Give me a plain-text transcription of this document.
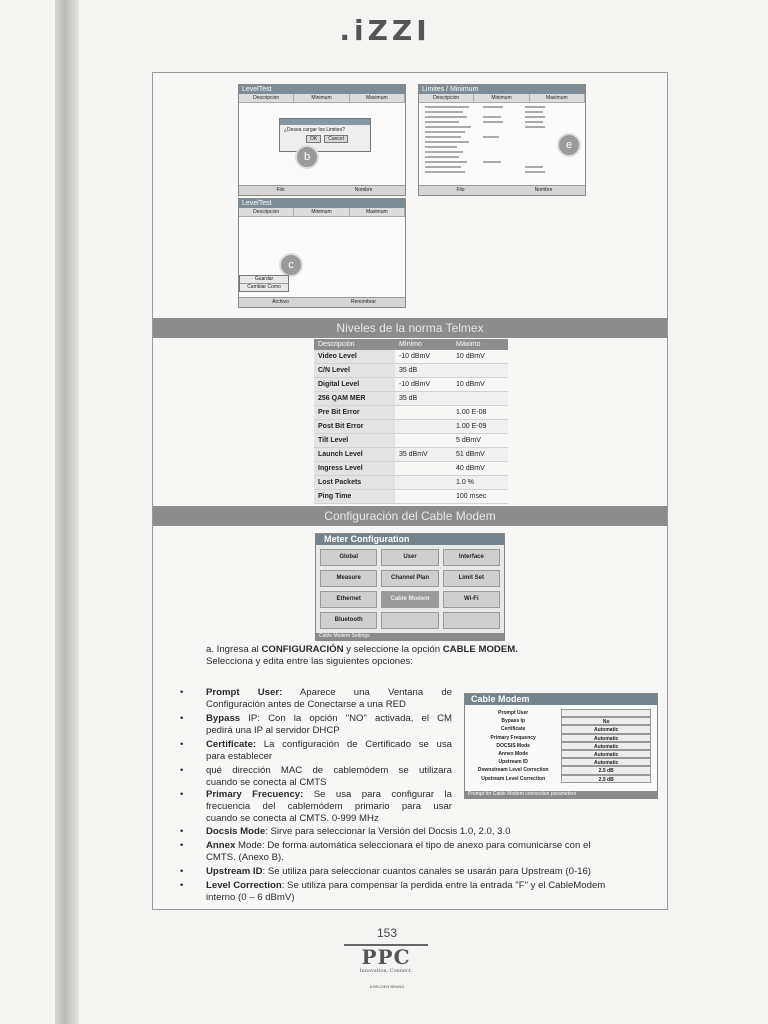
.iZZI
LevelTest
Descripcion	Minimum	Maximum
¿Desea cargar los Limites?
OK	Cancel
b
Filo	Nombre
Limites / Minimum
Descripcion	Minimum	Maximum
e
Filo	Nombre
LevelTest
Descripcion	Minimum	Maximum
c
Guardar
Cambiar Como
Archivo	Renombrar
Niveles de la norma Telmex
Descripción	Mínimo	Máximo
Video Level	-10 dBmV	10 dBmV
C/N Level	35 dB	
Digital Level	-10 dBmV	10 dBmV
256 QAM MER	35 dB	
Pre Bit Error		1.00 E-08
Post Bit Error		1.00 E-09
Tilt Level		5 dBmV
Launch Level	35 dBmV	51 dBmV
Ingress Level		40 dBmV
Lost Packets		1.0 %
Ping Time		100 msec
Configuración del Cable Modem
Meter Configuration
Global	User	Interface
Measure	Channel Plan	Limit Set
Ethernet	Cable Modem	Wi-Fi
Bluetooth
Cable Modem Settings
a. Ingresa al CONFIGURACIÓN y seleccione la opción CABLE MODEM.
Selecciona y edita entre las siguientes opciones:
Cable Modem
Prompt User
Bypass Ip	No
Certificate	Automatic
Primary Frequency	Automatic
DOCSIS Mode	Automatic
Annex Mode	Automatic
Upstream ID	Automatic
Downstream Level Correction	2.5 dB
Upstream Level Correction	2.5 dB
Prompt for Cable Modem connection parameters
• Prompt User: Aparece una Ventana de
Configuración antes de Conectarse a una RED
• Bypass IP: Con la opción "NO" activada, el CM
pedirá una IP al servidor DHCP
• Certificate: La configuración de Certificado se usa
para establecer
• qué dirección MAC de cablemódem se utilizara
cuando se conecta al CMTS
• Primary Frecuency: Se usa para configurar la
frecuencia del cablemódem primario para usar
cuando se conecta al CMTS. 0-999 MHz
• Docsis Mode: Sirve para seleccionar la Versión del Docsis 1.0, 2.0, 3.0
• Annex Mode: De forma automática seleccionara el tipo de anexo para comunicarse con el
CMTS. (Anexo B).
• Upstream ID: Se utiliza para seleccionar cuantos canales se usarán para Upstream (0-16)
• Level Correction: Se utiliza para compensar la perdida entre la entrada "F" y el CableModem
interno (0 – 6 dBmV)
153
PPC
Innovation. Connect.
A BELDEN BRAND
